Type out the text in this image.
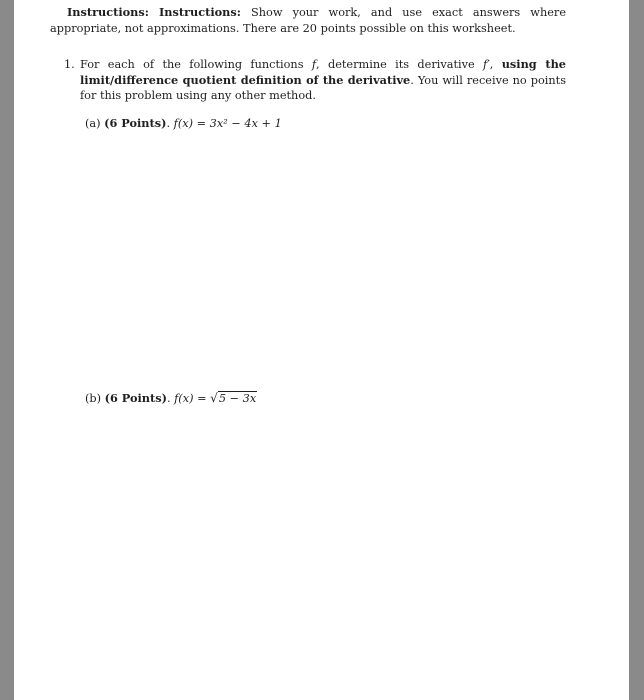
Instructions: Instructions: Show your work, and use exact answers where appropriate, not approximations. There are 20 points possible on this worksheet.
1. For each of the following functions f, determine its derivative f′, using the limit/difference quotient definition of the derivative. You will receive no points for this problem using any other method.
(a) (6 Points). f(x) = 3x² − 4x + 1
(b) (6 Points). f(x) = √5 − 3x
